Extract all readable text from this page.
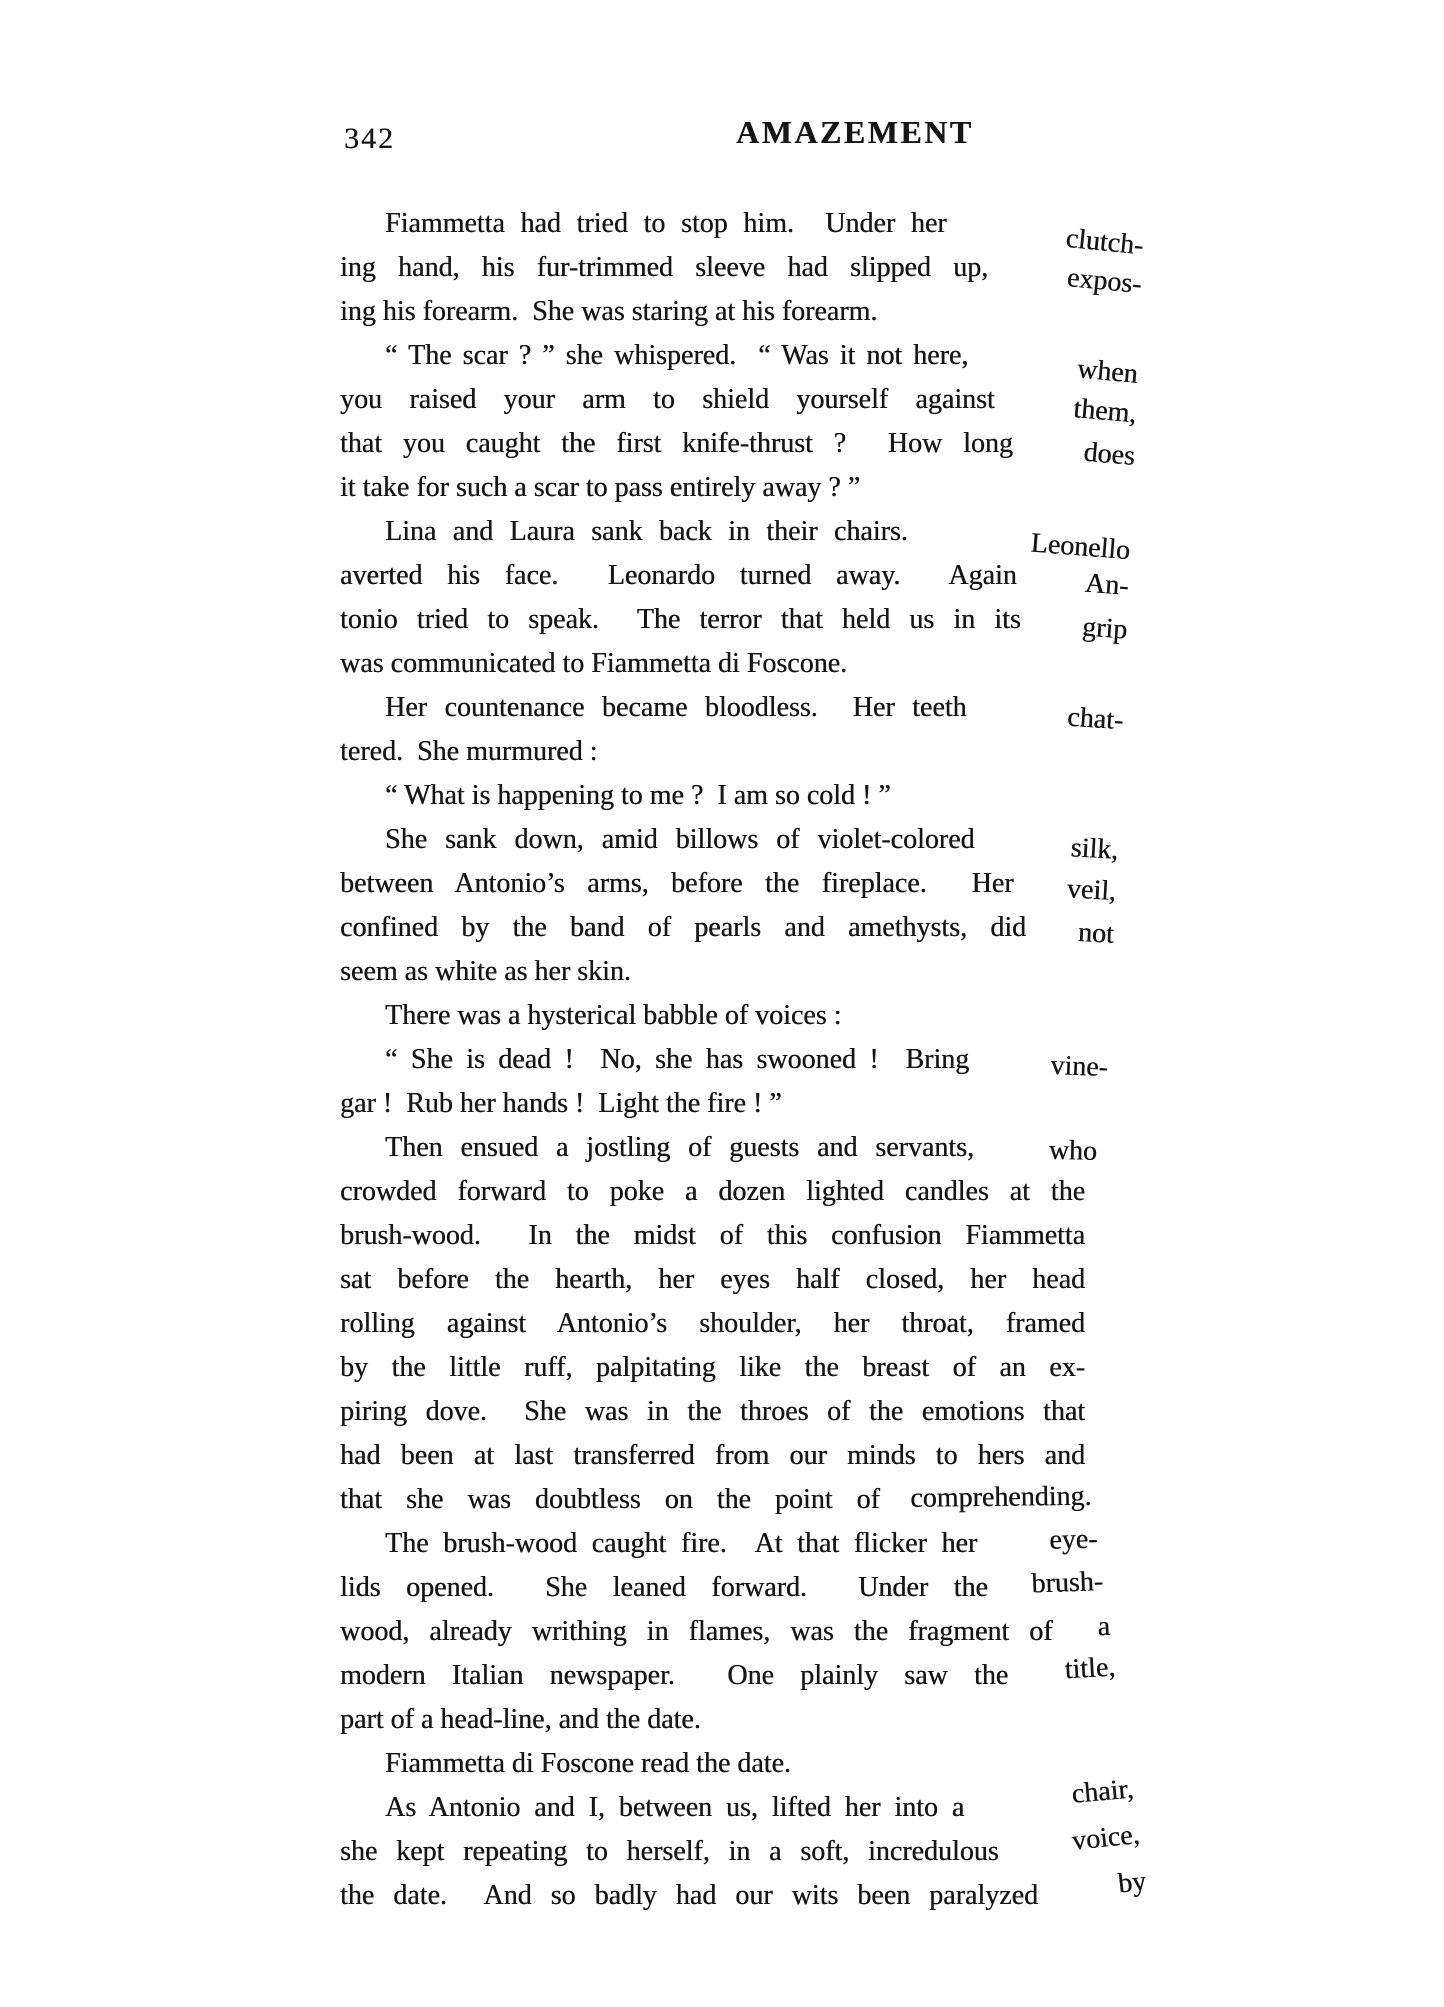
342	AMAZEMENT
Fiammetta had tried to stop him.  Under her	clutch-
ing hand, his fur-trimmed sleeve had slipped up, expos-
ing his forearm.  She was staring at his forearm.
“ The scar ? ” she whispered.  “ Was it not here,	when
you raised your arm to shield yourself against them,
that you caught the first knife-thrust ?  How long does
it take for such a scar to pass entirely away ? ”
Lina and Laura sank back in their chairs.	Leonello
averted his face.  Leonardo turned away.  Again An-
tonio tried to speak.  The terror that held us in its grip
was communicated to Fiammetta di Foscone.
Her countenance became bloodless.  Her teeth	chat-
tered.  She murmured :
“ What is happening to me ?  I am so cold ! ”
She sank down, amid billows of violet-colored	silk,
between Antonio’s arms, before the fireplace.  Her veil,
confined by the band of pearls and amethysts, did not
seem as white as her skin.
There was a hysterical babble of voices :
“ She is dead !  No, she has swooned !  Bring vine-
gar !  Rub her hands !  Light the fire ! ”
Then ensued a jostling of guests and servants, who
crowded forward to poke a dozen lighted candles at the
brush-wood.  In the midst of this confusion Fiammetta
sat before the hearth, her eyes half closed, her head
rolling against Antonio’s shoulder, her throat, framed
by the little ruff, palpitating like the breast of an ex-
piring dove.  She was in the throes of the emotions that
had been at last transferred from our minds to hers and
that she was doubtless on the point of comprehending.
The brush-wood caught fire.  At that flicker her eye-
lids opened.  She leaned forward.  Under the brush-
wood, already writhing in flames, was the fragment of a
modern Italian newspaper.  One plainly saw the title,
part of a head-line, and the date.
Fiammetta di Foscone read the date.
As Antonio and I, between us, lifted her into a	chair,
she kept repeating to herself, in a soft, incredulous voice,
the date.  And so badly had our wits been paralyzed by
